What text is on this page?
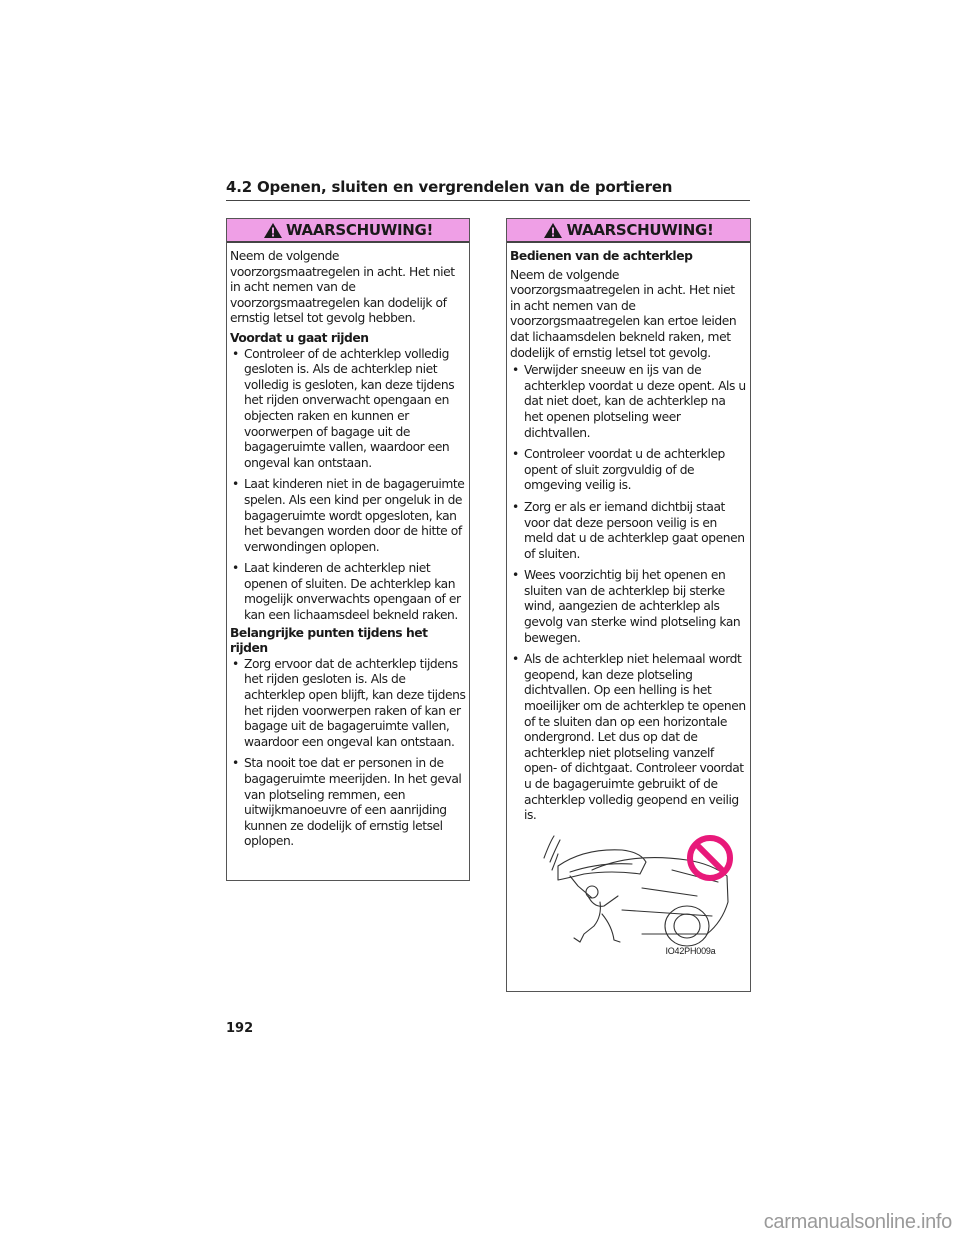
4.2 Openen, sluiten en vergrendelen van de portieren
WAARSCHUWING!

Neem de volgende voorzorgsmaatregelen in acht. Het niet in acht nemen van de voorzorgsmaatregelen kan dodelijk of ernstig letsel tot gevolg hebben.

Voordat u gaat rijden
• Controleer of de achterklep volledig gesloten is. Als de achterklep niet volledig is gesloten, kan deze tijdens het rijden onverwacht opengaan en objecten raken en kunnen er voorwerpen of bagage uit de bagageruimte vallen, waardoor een ongeval kan ontstaan.
• Laat kinderen niet in de bagageruimte spelen. Als een kind per ongeluk in de bagageruimte wordt opgesloten, kan het bevangen worden door de hitte of verwondingen oplopen.
• Laat kinderen de achterklep niet openen of sluiten. De achterklep kan mogelijk onverwachts opengaan of er kan een lichaamsdeel bekneld raken.
Belangrijke punten tijdens het rijden
• Zorg ervoor dat de achterklep tijdens het rijden gesloten is. Als de achterklep open blijft, kan deze tijdens het rijden voorwerpen raken of kan er bagage uit de bagageruimte vallen, waardoor een ongeval kan ontstaan.
• Sta nooit toe dat er personen in de bagageruimte meerijden. In het geval van plotseling remmen, een uitwijkmanoeuvre of een aanrijding kunnen ze dodelijk of ernstig letsel oplopen.
WAARSCHUWING!
Bedienen van de achterklep

Neem de volgende voorzorgsmaatregelen in acht. Het niet in acht nemen van de voorzorgsmaatregelen kan ertoe leiden dat lichaamsdelen bekneld raken, met dodelijk of ernstig letsel tot gevolg.

• Verwijder sneeuw en ijs van de achterklep voordat u deze opent. Als u dat niet doet, kan de achterklep na het openen plotseling weer dichtvallen.
• Controleer voordat u de achterklep opent of sluit zorgvuldig of de omgeving veilig is.
• Zorg er als er iemand dichtbij staat voor dat deze persoon veilig is en meld dat u de achterklep gaat openen of sluiten.
• Wees voorzichtig bij het openen en sluiten van de achterklep bij sterke wind, aangezien de achterklep als gevolg van sterke wind plotseling kan bewegen.
• Als de achterklep niet helemaal wordt geopend, kan deze plotseling dichtvallen. Op een helling is het moeilijker om de achterklep te openen of te sluiten dan op een horizontale ondergrond. Let dus op dat de achterklep niet plotseling vanzelf open- of dichtgaat. Controleer voordat u de bagageruimte gebruikt of de achterklep volledig geopend en veilig is.
IO42PH009a
192
carmanualsonline.info
